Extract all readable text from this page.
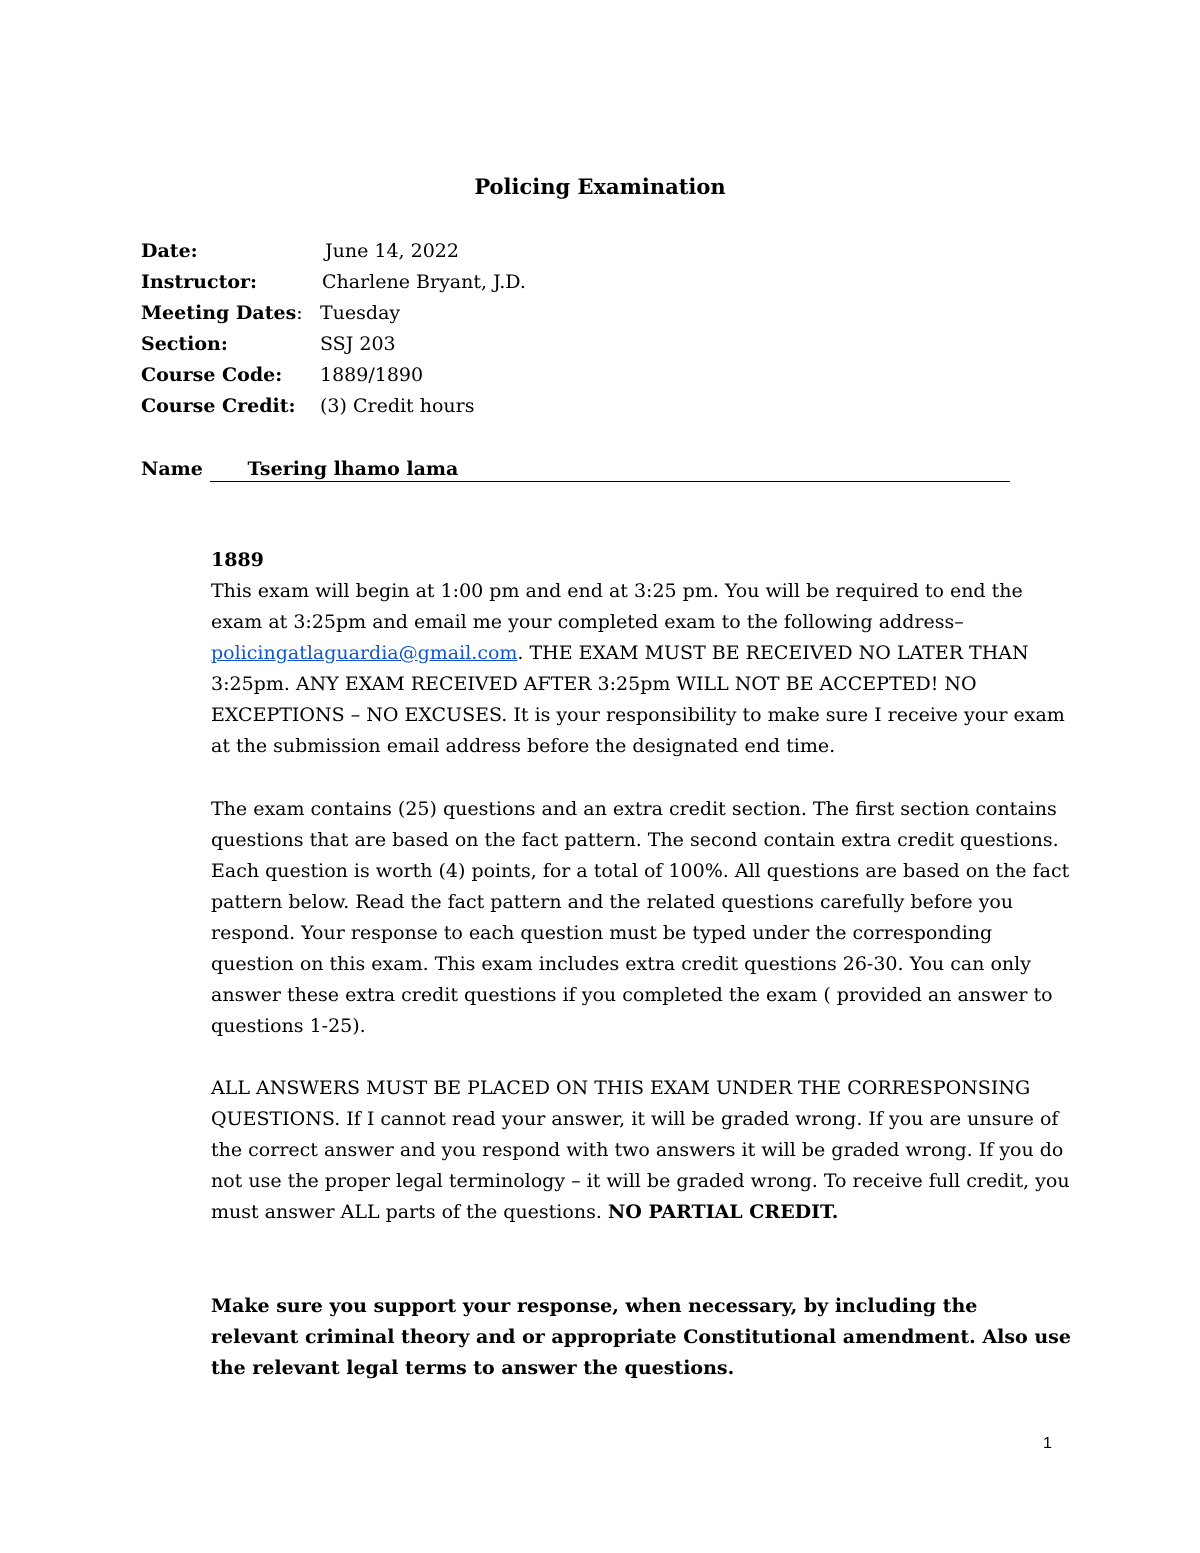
Policing Examination
Date:	June 14, 2022
Instructor:	Charlene Bryant, J.D.
Meeting Dates: Tuesday
Section:	SSJ 203
Course Code: 1889/1890
Course Credit: (3) Credit hours
Name Tsering lhamo lama
1889

This exam will begin at 1:00 pm and end at 3:25 pm. You will be required to end the exam at 3:25pm and email me your completed exam to the following address–policingatlaguardia@gmail.com. THE EXAM MUST BE RECEIVED NO LATER THAN 3:25pm. ANY EXAM RECEIVED AFTER 3:25pm WILL NOT BE ACCEPTED! NO EXCEPTIONS – NO EXCUSES. It is your responsibility to make sure I receive your exam at the submission email address before the designated end time.

The exam contains (25) questions and an extra credit section. The first section contains questions that are based on the fact pattern. The second contain extra credit questions. Each question is worth (4) points, for a total of 100%. All questions are based on the fact pattern below. Read the fact pattern and the related questions carefully before you respond. Your response to each question must be typed under the corresponding question on this exam. This exam includes extra credit questions 26-30. You can only answer these extra credit questions if you completed the exam ( provided an answer to questions 1-25).

ALL ANSWERS MUST BE PLACED ON THIS EXAM UNDER THE CORRESPONSING QUESTIONS. If I cannot read your answer, it will be graded wrong. If you are unsure of the correct answer and you respond with two answers it will be graded wrong. If you do not use the proper legal terminology – it will be graded wrong. To receive full credit, you must answer ALL parts of the questions. NO PARTIAL CREDIT.

Make sure you support your response, when necessary, by including the relevant criminal theory and or appropriate Constitutional amendment. Also use the relevant legal terms to answer the questions.

1
